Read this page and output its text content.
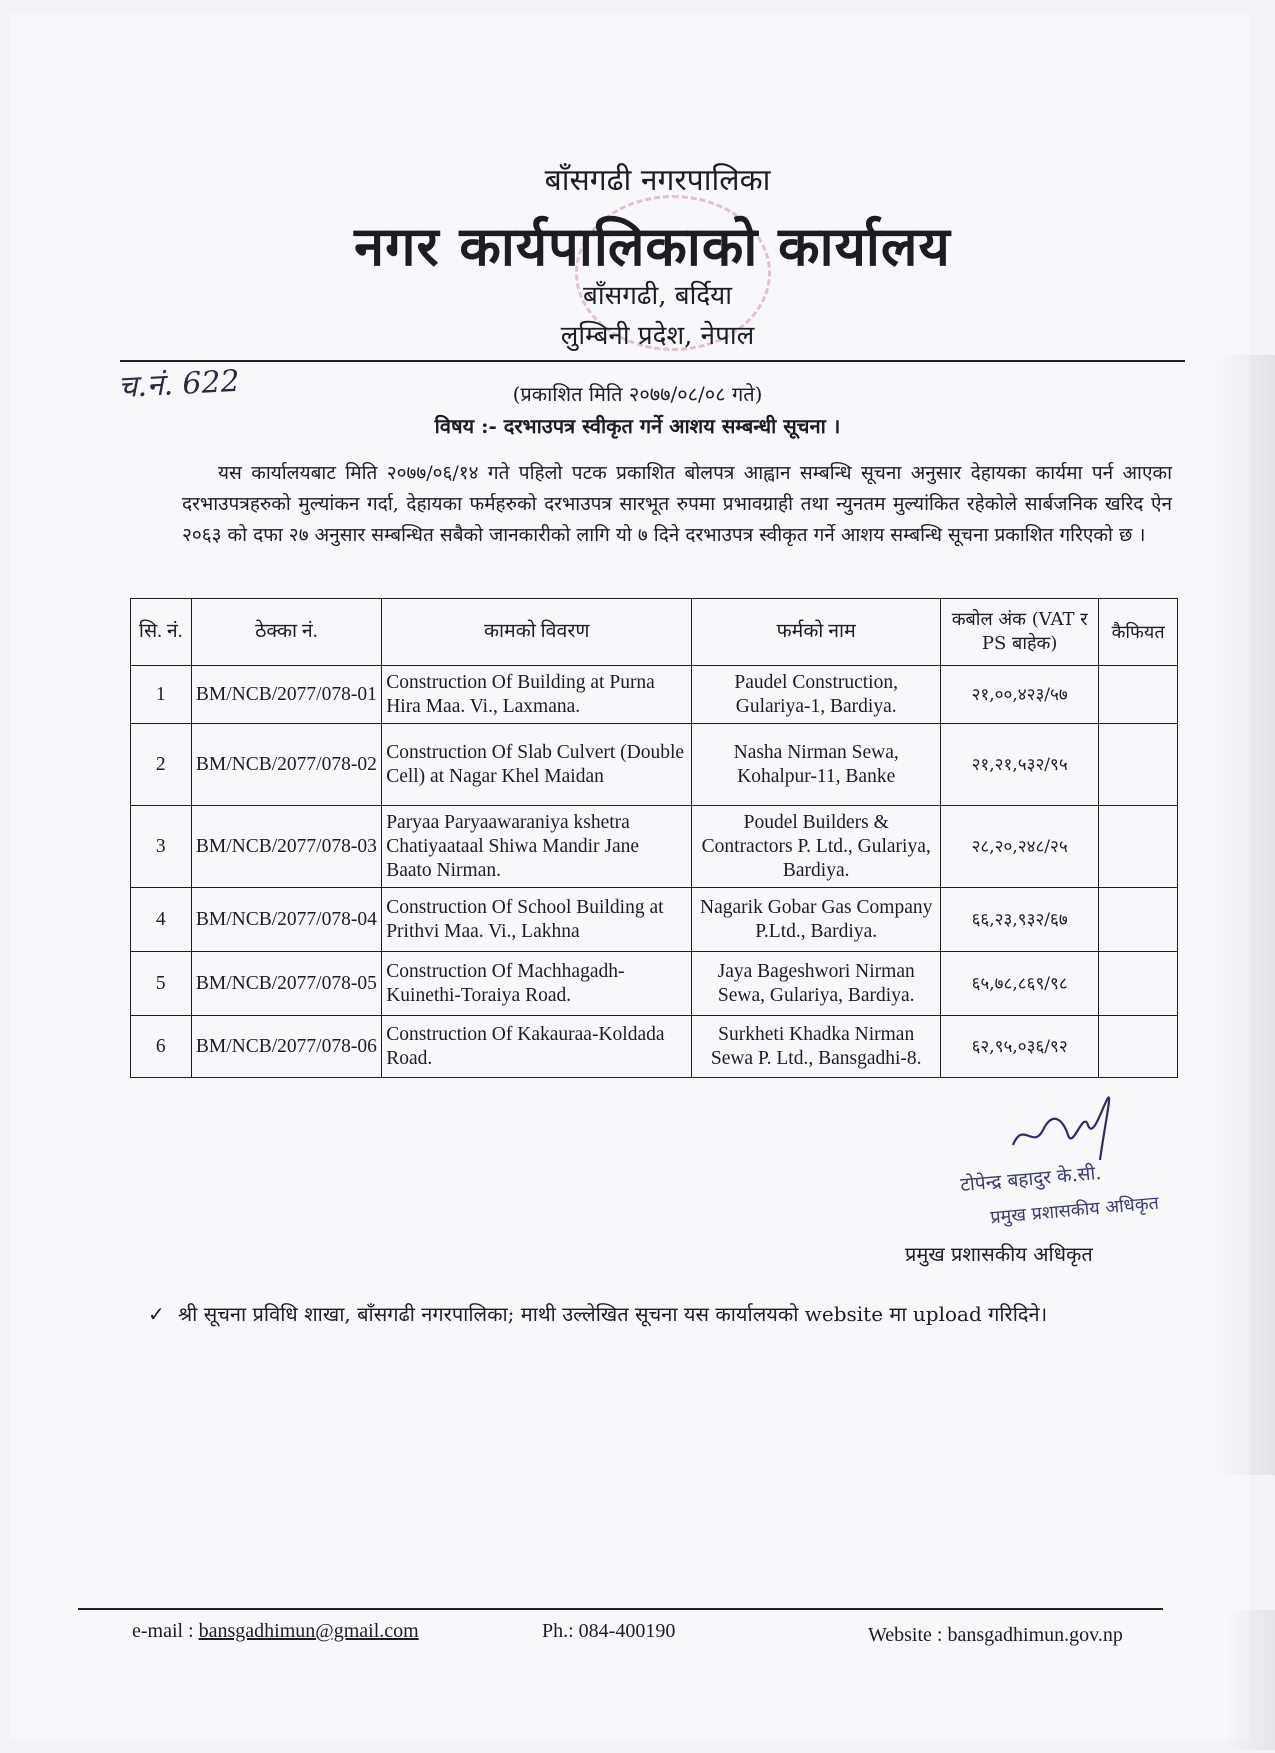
बाँसगढी नगरपालिका
नगर कार्यपालिकाको कार्यालय
बाँसगढी, बर्दिया
लुम्बिनी प्रदेश, नेपाल
च.नं. 622	(प्रकाशित मिति २०७७/०८/०८ गते)
विषय :- दरभाउपत्र स्वीकृत गर्ने आशय सम्बन्धी सूचना ।
यस कार्यालयबाट मिति २०७७/०६/१४ गते पहिलो पटक प्रकाशित बोलपत्र आह्वान सम्बन्धि सूचना अनुसार देहायका कार्यमा पर्न आएका दरभाउपत्रहरुको मुल्यांकन गर्दा, देहायका फर्महरुको दरभाउपत्र सारभूत रुपमा प्रभावग्राही तथा न्युनतम मुल्यांकित रहेकोले सार्बजनिक खरिद ऐन २०६३ को दफा २७ अनुसार सम्बन्धित सबैको जानकारीको लागि यो ७ दिने दरभाउपत्र स्वीकृत गर्ने आशय सम्बन्धि सूचना प्रकाशित गरिएको छ ।
सि. नं.	ठेक्का नं.	कामको विवरण	फर्मको नाम	कबोल अंक (VAT र PS बाहेक)	कैफियत
1	BM/NCB/2077/078-01	Construction Of Building at Purna Hira Maa. Vi., Laxmana.	Paudel Construction, Gulariya-1, Bardiya.	२१,००,४२३/५७	
2	BM/NCB/2077/078-02	Construction Of Slab Culvert (Double Cell) at Nagar Khel Maidan	Nasha Nirman Sewa, Kohalpur-11, Banke	२१,२१,५३२/९५	
3	BM/NCB/2077/078-03	Paryaa Paryaawaraniya kshetra Chatiyaataal Shiwa Mandir Jane Baato Nirman.	Poudel Builders & Contractors P. Ltd., Gulariya, Bardiya.	२८,२०,२४८/२५	
4	BM/NCB/2077/078-04	Construction Of School Building at Prithvi Maa. Vi., Lakhna	Nagarik Gobar Gas Company P.Ltd., Bardiya.	६६,२३,९३२/६७	
5	BM/NCB/2077/078-05	Construction Of Machhagadh-Kuinethi-Toraiya Road.	Jaya Bageshwori Nirman Sewa, Gulariya, Bardiya.	६५,७८,८६९/९८	
6	BM/NCB/2077/078-06	Construction Of Kakauraa-Koldada Road.	Surkheti Khadka Nirman Sewa P. Ltd., Bansgadhi-8.	६२,९५,०३६/९२	
टोपेन्द्र बहादुर के.सी.
प्रमुख प्रशासकीय अधिकृत
प्रमुख प्रशासकीय अधिकृत
✓ श्री सूचना प्रविधि शाखा, बाँसगढी नगरपालिका; माथी उल्लेखित सूचना यस कार्यालयको website मा upload गरिदिने।
e-mail : bansgadhimun@gmail.com	Ph.: 084-400190	Website : bansgadhimun.gov.np
